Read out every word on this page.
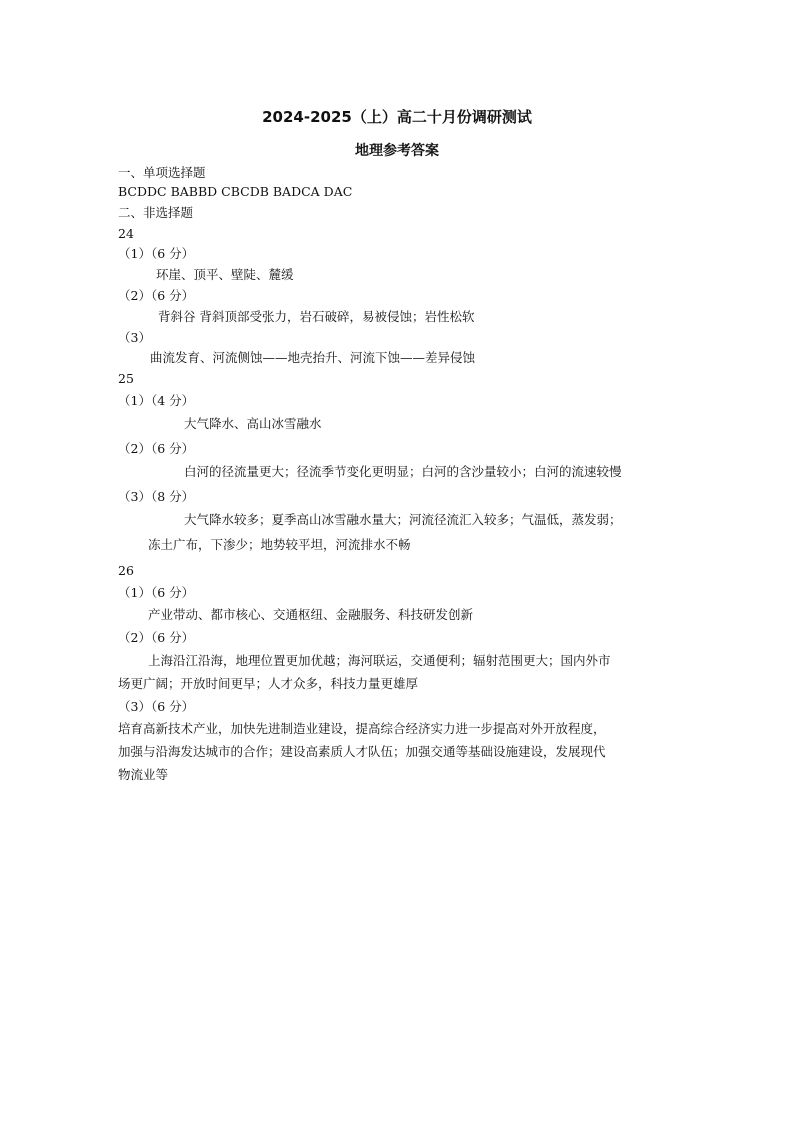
2024-2025（上）高二十月份调研测试
地理参考答案
一、单项选择题
BCDDC BABBD CBCDB BADCA DAC
二、非选择题
24
（1）（6 分）
环崖、顶平、壁陡、麓缓
（2）（6 分）
背斜谷 背斜顶部受张力，岩石破碎，易被侵蚀；岩性松软
（3）
曲流发育、河流侧蚀——地壳抬升、河流下蚀——差异侵蚀
25
（1）（4 分）
大气降水、高山冰雪融水
（2）（6 分）
白河的径流量更大；径流季节变化更明显；白河的含沙量较小；白河的流速较慢
（3）（8 分）
大气降水较多；夏季高山冰雪融水量大；河流径流汇入较多；气温低，蒸发弱；
冻土广布，下渗少；地势较平坦，河流排水不畅
26
（1）（6 分）
产业带动、都市核心、交通枢纽、金融服务、科技研发创新
（2）（6 分）
上海沿江沿海，地理位置更加优越；海河联运，交通便利；辐射范围更大；国内外市
场更广阔；开放时间更早；人才众多，科技力量更雄厚
（3）（6 分）
培育高新技术产业，加快先进制造业建设，提高综合经济实力进一步提高对外开放程度，
加强与沿海发达城市的合作；建设高素质人才队伍；加强交通等基础设施建设，发展现代
物流业等
